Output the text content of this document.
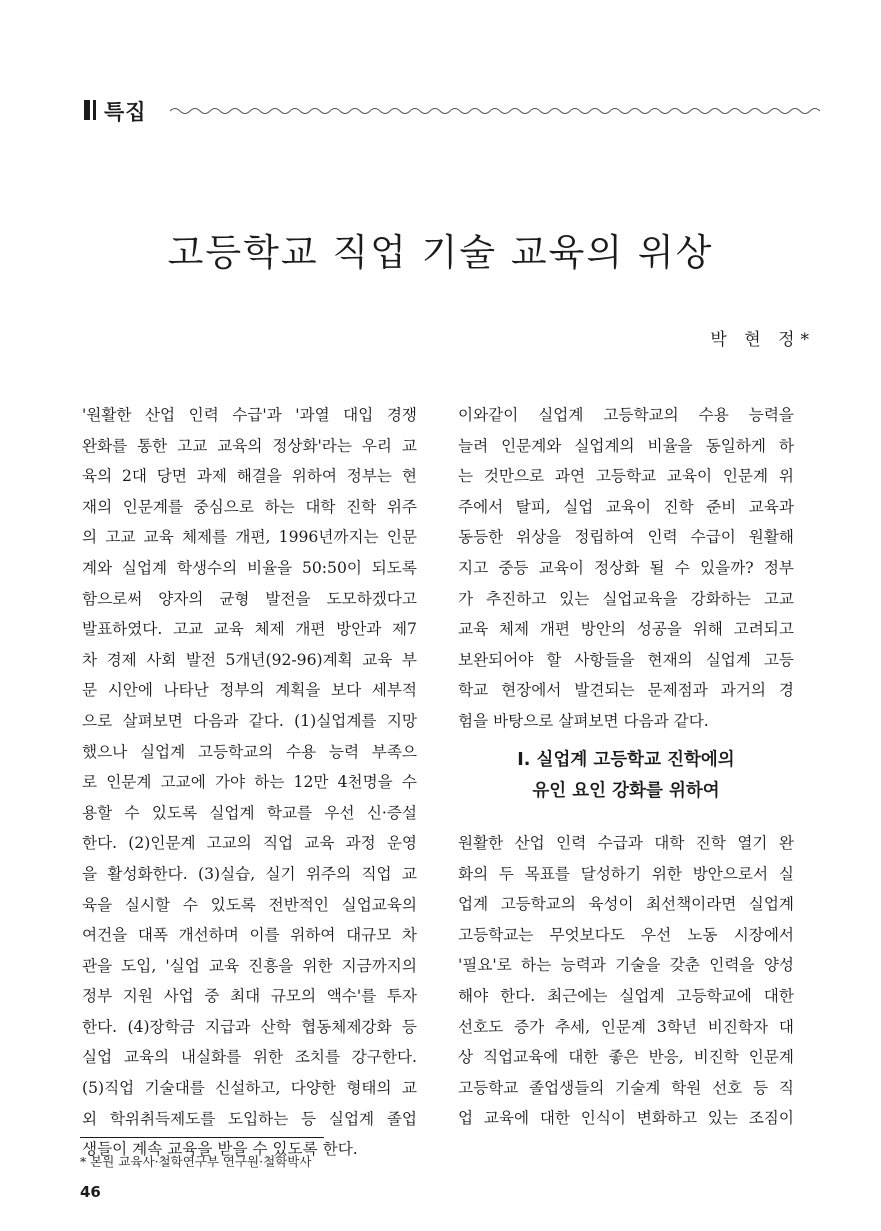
특집
고등학교 직업 기술 교육의 위상
박 현 정*
'원활한 산업 인력 수급'과 '과열 대입 경쟁
완화를 통한 고교 교육의 정상화'라는 우리 교
육의 2대 당면 과제 해결을 위하여 정부는 현
재의 인문계를 중심으로 하는 대학 진학 위주
의 고교 교육 체제를 개편, 1996년까지는 인문
계와 실업계 학생수의 비율을 50:50이 되도록
함으로써 양자의 균형 발전을 도모하겠다고
발표하였다. 고교 교육 체제 개편 방안과 제7
차 경제 사회 발전 5개년(92-96)계획 교육 부
문 시안에 나타난 정부의 계획을 보다 세부적
으로 살펴보면 다음과 같다. (1)실업계를 지망
했으나 실업계 고등학교의 수용 능력 부족으
로 인문계 고교에 가야 하는 12만 4천명을 수
용할 수 있도록 실업계 학교를 우선 신·증설
한다. (2)인문계 고교의 직업 교육 과정 운영
을 활성화한다. (3)실습, 실기 위주의 직업 교
육을 실시할 수 있도록 전반적인 실업교육의
여건을 대폭 개선하며 이를 위하여 대규모 차
관을 도입, '실업 교육 진흥을 위한 지금까지의
정부 지원 사업 중 최대 규모의 액수'를 투자
한다. (4)장학금 지급과 산학 협동체제강화 등
실업 교육의 내실화를 위한 조치를 강구한다.
(5)직업 기술대를 신설하고, 다양한 형태의 교
외 학위취득제도를 도입하는 등 실업계 졸업
생들이 계속 교육을 받을 수 있도록 한다.
이와같이 실업계 고등학교의 수용 능력을
늘려 인문계와 실업계의 비율을 동일하게 하
는 것만으로 과연 고등학교 교육이 인문계 위
주에서 탈피, 실업 교육이 진학 준비 교육과
동등한 위상을 정립하여 인력 수급이 원활해
지고 중등 교육이 정상화 될 수 있을까? 정부
가 추진하고 있는 실업교육을 강화하는 고교
교육 체제 개편 방안의 성공을 위해 고려되고
보완되어야 할 사항들을 현재의 실업계 고등
학교 현장에서 발견되는 문제점과 과거의 경
험을 바탕으로 살펴보면 다음과 같다.
Ⅰ. 실업계 고등학교 진학에의
유인 요인 강화를 위하여
원활한 산업 인력 수급과 대학 진학 열기 완
화의 두 목표를 달성하기 위한 방안으로서 실
업계 고등학교의 육성이 최선책이라면 실업계
고등학교는 무엇보다도 우선 노동 시장에서
'필요'로 하는 능력과 기술을 갖춘 인력을 양성
해야 한다. 최근에는 실업계 고등학교에 대한
선호도 증가 추세, 인문계 3학년 비진학자 대
상 직업교육에 대한 좋은 반응, 비진학 인문계
고등학교 졸업생들의 기술계 학원 선호 등 직
업 교육에 대한 인식이 변화하고 있는 조짐이
* 본원 교육사·철학연구부 연구원·철학박사
46
